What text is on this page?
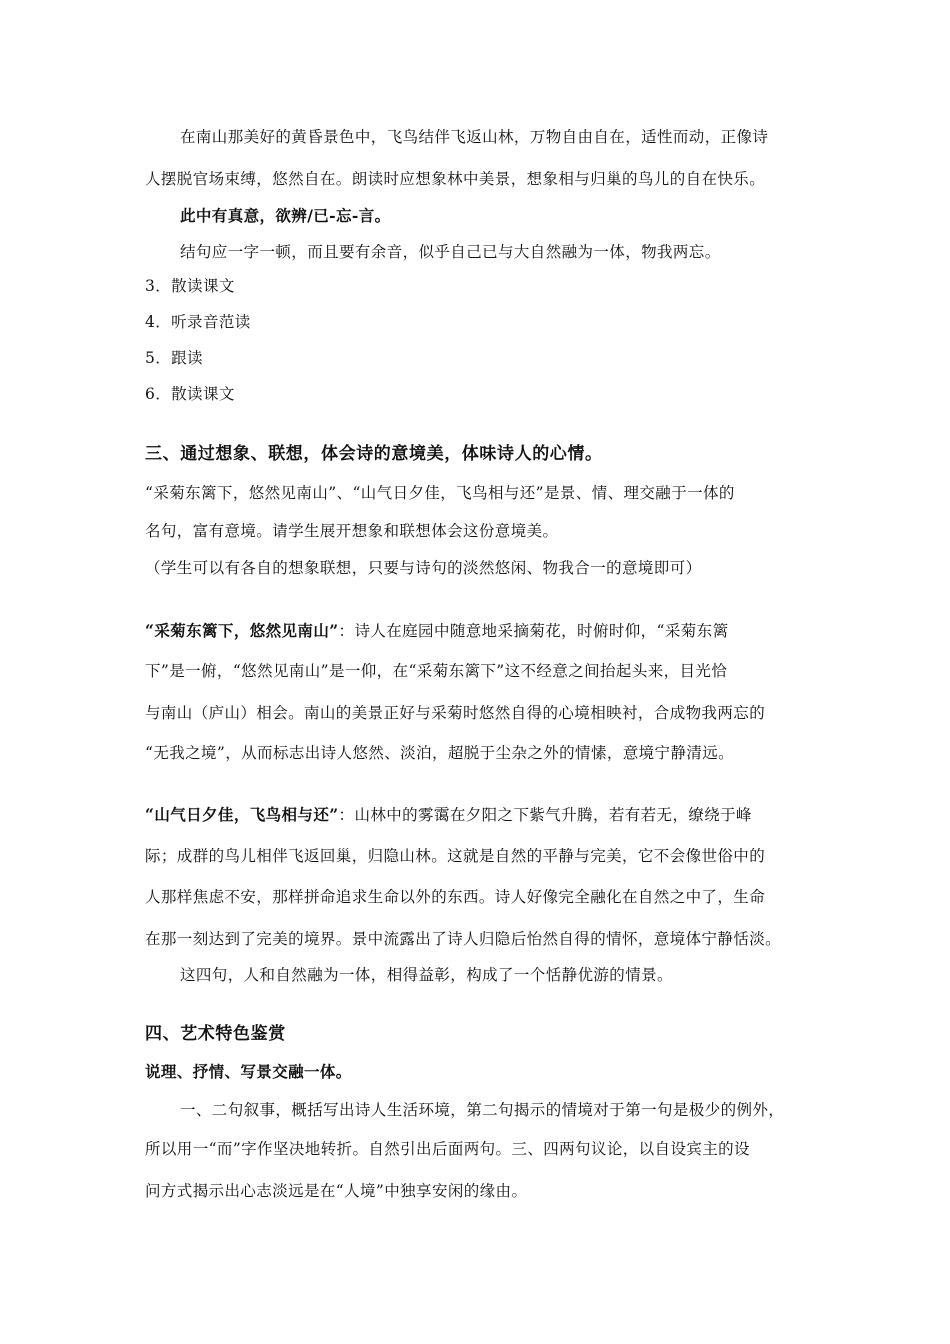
在南山那美好的黄昏景色中，飞鸟结伴飞返山林，万物自由自在，适性而动，正像诗
人摆脱官场束缚，悠然自在。朗读时应想象林中美景，想象相与归巢的鸟儿的自在快乐。
此中有真意，欲辨/已-忘-言。
结句应一字一顿，而且要有余音，似乎自己已与大自然融为一体，物我两忘。
3．散读课文
4．听录音范读
5．跟读
6．散读课文
三、通过想象、联想，体会诗的意境美，体味诗人的心情。
“采菊东篱下，悠然见南山”、“山气日夕佳，飞鸟相与还”是景、情、理交融于一体的
名句，富有意境。请学生展开想象和联想体会这份意境美。
（学生可以有各自的想象联想，只要与诗句的淡然悠闲、物我合一的意境即可）
“采菊东篱下，悠然见南山”：诗人在庭园中随意地采摘菊花，时俯时仰，“采菊东篱
下”是一俯，“悠然见南山”是一仰，在“采菊东篱下”这不经意之间抬起头来，目光恰
与南山（庐山）相会。南山的美景正好与采菊时悠然自得的心境相映衬，合成物我两忘的
“无我之境”，从而标志出诗人悠然、淡泊，超脱于尘杂之外的情愫，意境宁静清远。
“山气日夕佳，飞鸟相与还”：山林中的雾霭在夕阳之下紫气升腾，若有若无，缭绕于峰
际；成群的鸟儿相伴飞返回巢，归隐山林。这就是自然的平静与完美，它不会像世俗中的
人那样焦虑不安，那样拼命追求生命以外的东西。诗人好像完全融化在自然之中了，生命
在那一刻达到了完美的境界。景中流露出了诗人归隐后怡然自得的情怀，意境体宁静恬淡。
这四句，人和自然融为一体，相得益彰，构成了一个恬静优游的情景。
四、艺术特色鉴赏
说理、抒情、写景交融一体。
一、二句叙事，概括写出诗人生活环境，第二句揭示的情境对于第一句是极少的例外，
所以用一“而”字作坚决地转折。自然引出后面两句。三、四两句议论，以自设宾主的设
问方式揭示出心志淡远是在“人境”中独享安闲的缘由。
